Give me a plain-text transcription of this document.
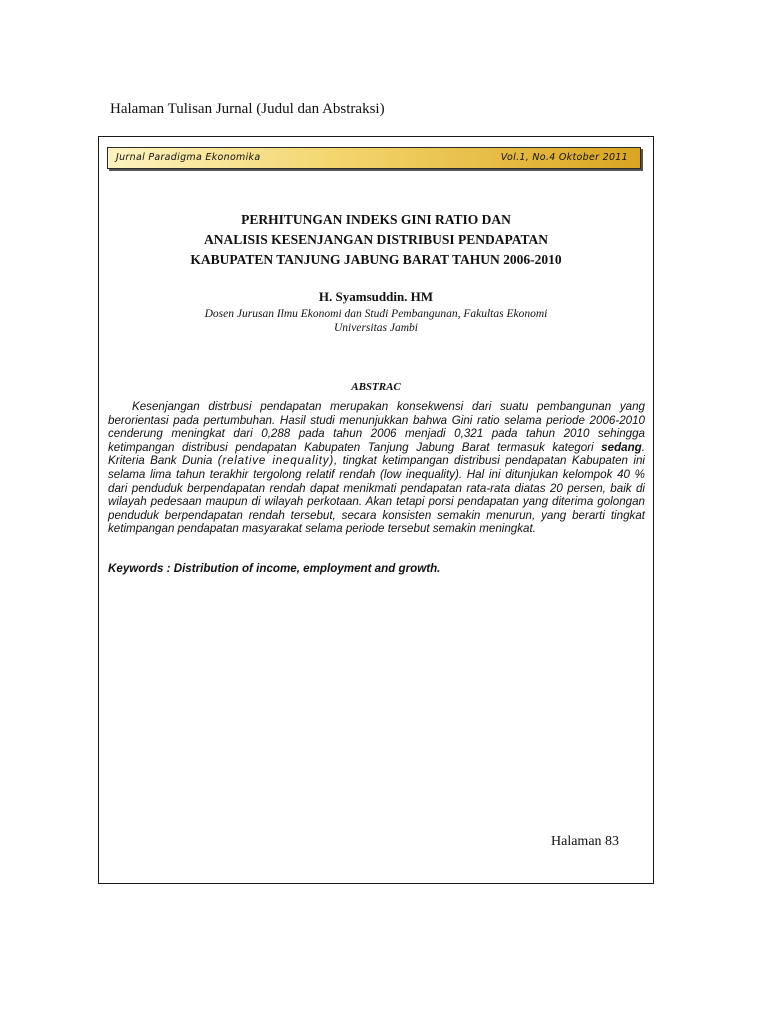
Halaman Tulisan Jurnal (Judul dan Abstraksi)
Jurnal Paradigma Ekonomika	Vol.1, No.4 Oktober 2011
PERHITUNGAN INDEKS GINI RATIO DAN
ANALISIS KESENJANGAN DISTRIBUSI PENDAPATAN
KABUPATEN TANJUNG JABUNG BARAT TAHUN 2006-2010
H. Syamsuddin. HM
Dosen Jurusan Ilmu Ekonomi dan Studi Pembangunan, Fakultas Ekonomi
Universitas Jambi
ABSTRAC

Kesenjangan distrbusi pendapatan merupakan konsekwensi dari suatu pembangunan yang berorientasi pada pertumbuhan. Hasil studi menunjukkan bahwa Gini ratio selama periode 2006-2010 cenderung meningkat dari 0,288 pada tahun 2006 menjadi 0,321 pada tahun 2010 sehingga ketimpangan distribusi pendapatan Kabupaten Tanjung Jabung Barat termasuk kategori sedang. Kriteria Bank Dunia (relative inequality), tingkat ketimpangan distribusi pendapatan Kabupaten ini selama lima tahun terakhir tergolong relatif rendah (low inequality). Hal ini ditunjukan kelompok 40 % dari penduduk berpendapatan rendah dapat menikmati pendapatan rata-rata diatas 20 persen, baik di wilayah pedesaan maupun di wilayah perkotaan. Akan tetapi porsi pendapatan yang diterima golongan penduduk berpendapatan rendah tersebut, secara konsisten semakin menurun, yang berarti tingkat ketimpangan pendapatan masyarakat selama periode tersebut semakin meningkat.

Keywords : Distribution of income, employment and growth.
Halaman 83
